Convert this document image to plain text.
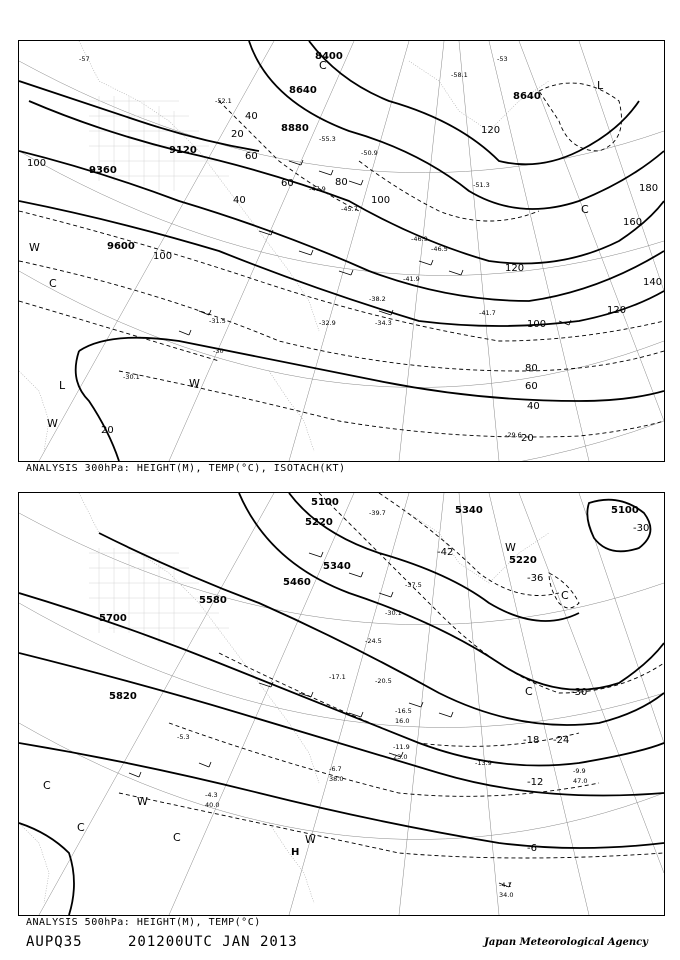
8400
8640
8640
8880
9120
9360
9600
100
40
60
20
40
60	80
100
120
140
160
180
100
120
100
80
60
40
20
20
120
W
C
L
W
W
C
L
C
-57
-52.1
-55.3
-50.9
-47.9
-45.7
-46.9
-46.5
-41.9
-38.2
-31.5	-32.9	-34.3
-29.6
-30.1
-41.7
-30
-51.3
-58.1
-53
ANALYSIS 300hPa: HEIGHT(M), TEMP(°C), ISOTACH(KT)
5100
5220
5340
5340
5100
5220
5460
5580
5700
5820
-42
-36
-30
-30
-24
-18
-12
-6
C
C
W
C
C	W
H
W
C
-39.7
-37.5
-30.1
-24.5
-20.5
-17.1
-16.5
-11.9
-13.9
-9.9
-6.7
-5.3
-4.3
-4.1
34.0
40.0
47.0
23.0
16.0
38.0
ANALYSIS 500hPa: HEIGHT(M), TEMP(°C)
AUPQ35	201200UTC JAN 2013	Japan Meteorological Agency
